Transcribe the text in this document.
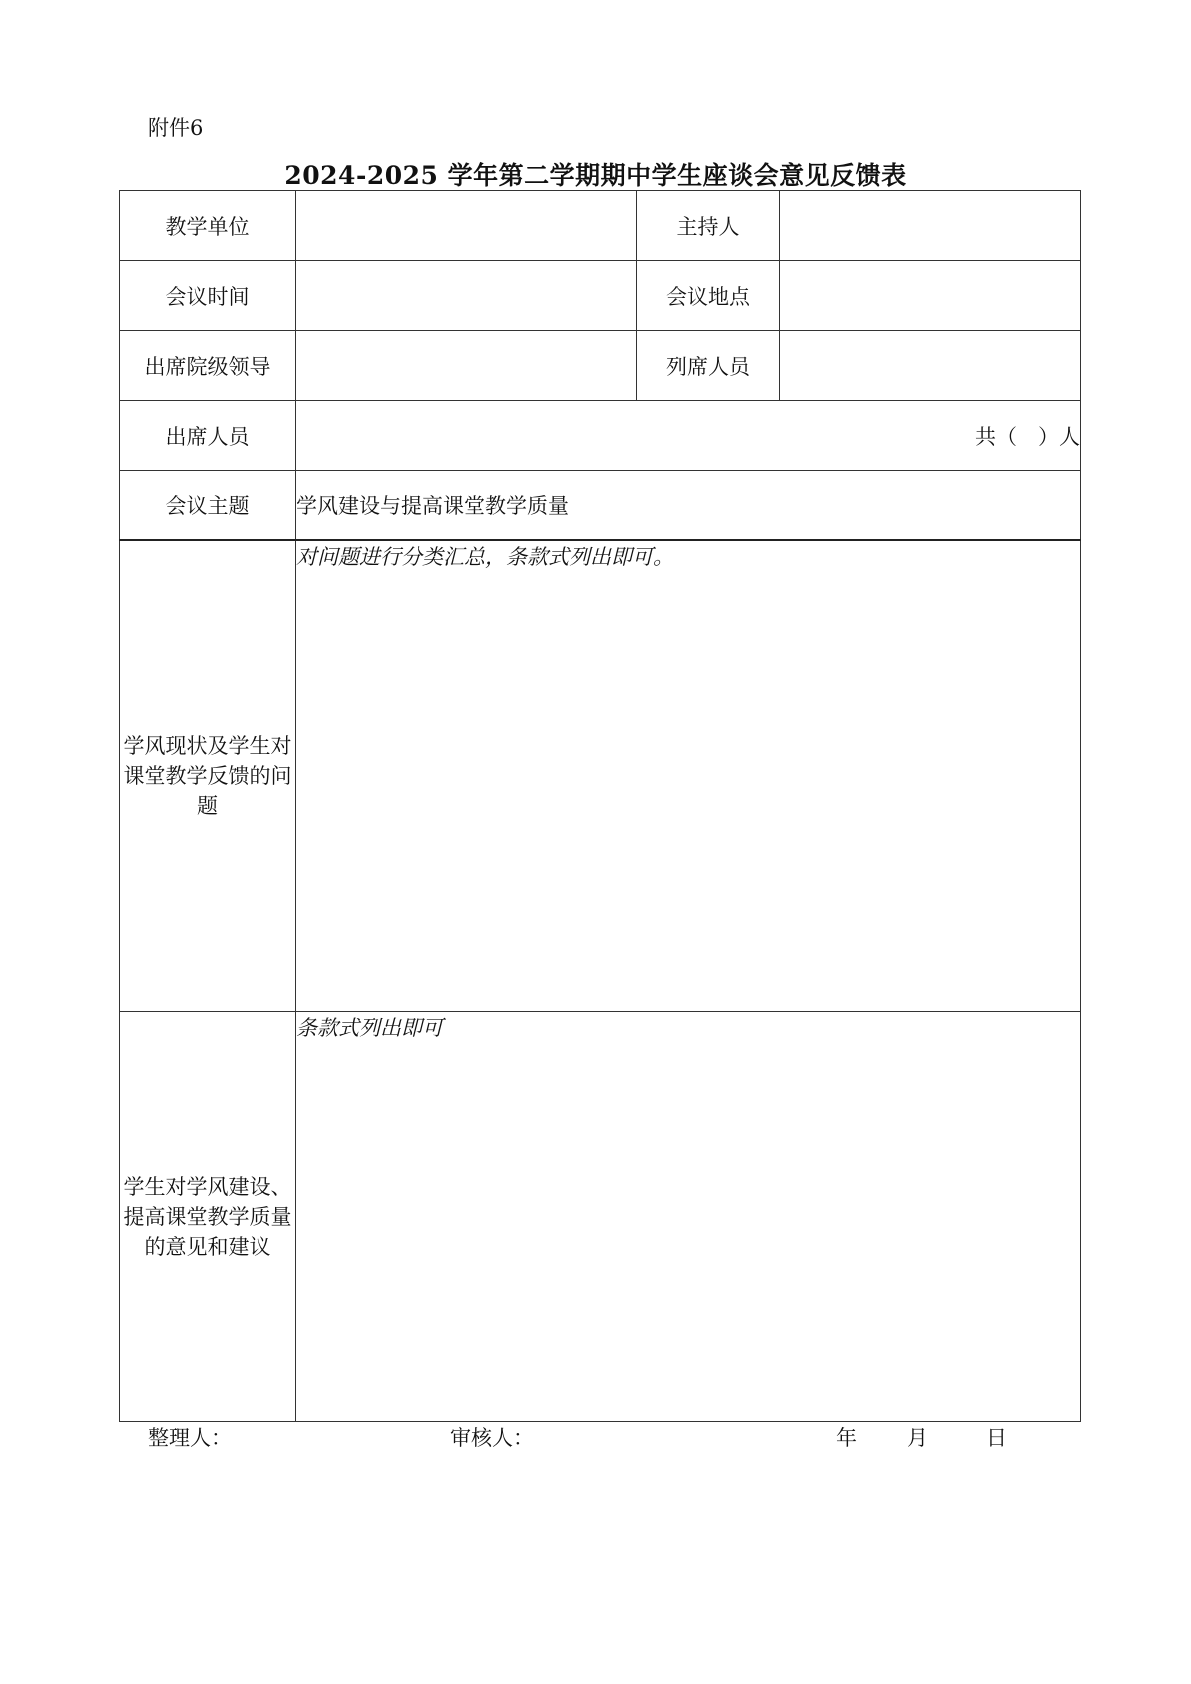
附件6
2024-2025 学年第二学期期中学生座谈会意见反馈表
教学单位		主持人	
会议时间		会议地点	
出席院级领导		列席人员	
出席人员	共（　）人		
会议主题	学风建设与提高课堂教学质量		
学风现状及学生对课堂教学反馈的问题	对问题进行分类汇总，条款式列出即可。		
学生对学风建设、提高课堂教学质量的意见和建议	条款式列出即可		
整理人：	审核人：	年 月	日
